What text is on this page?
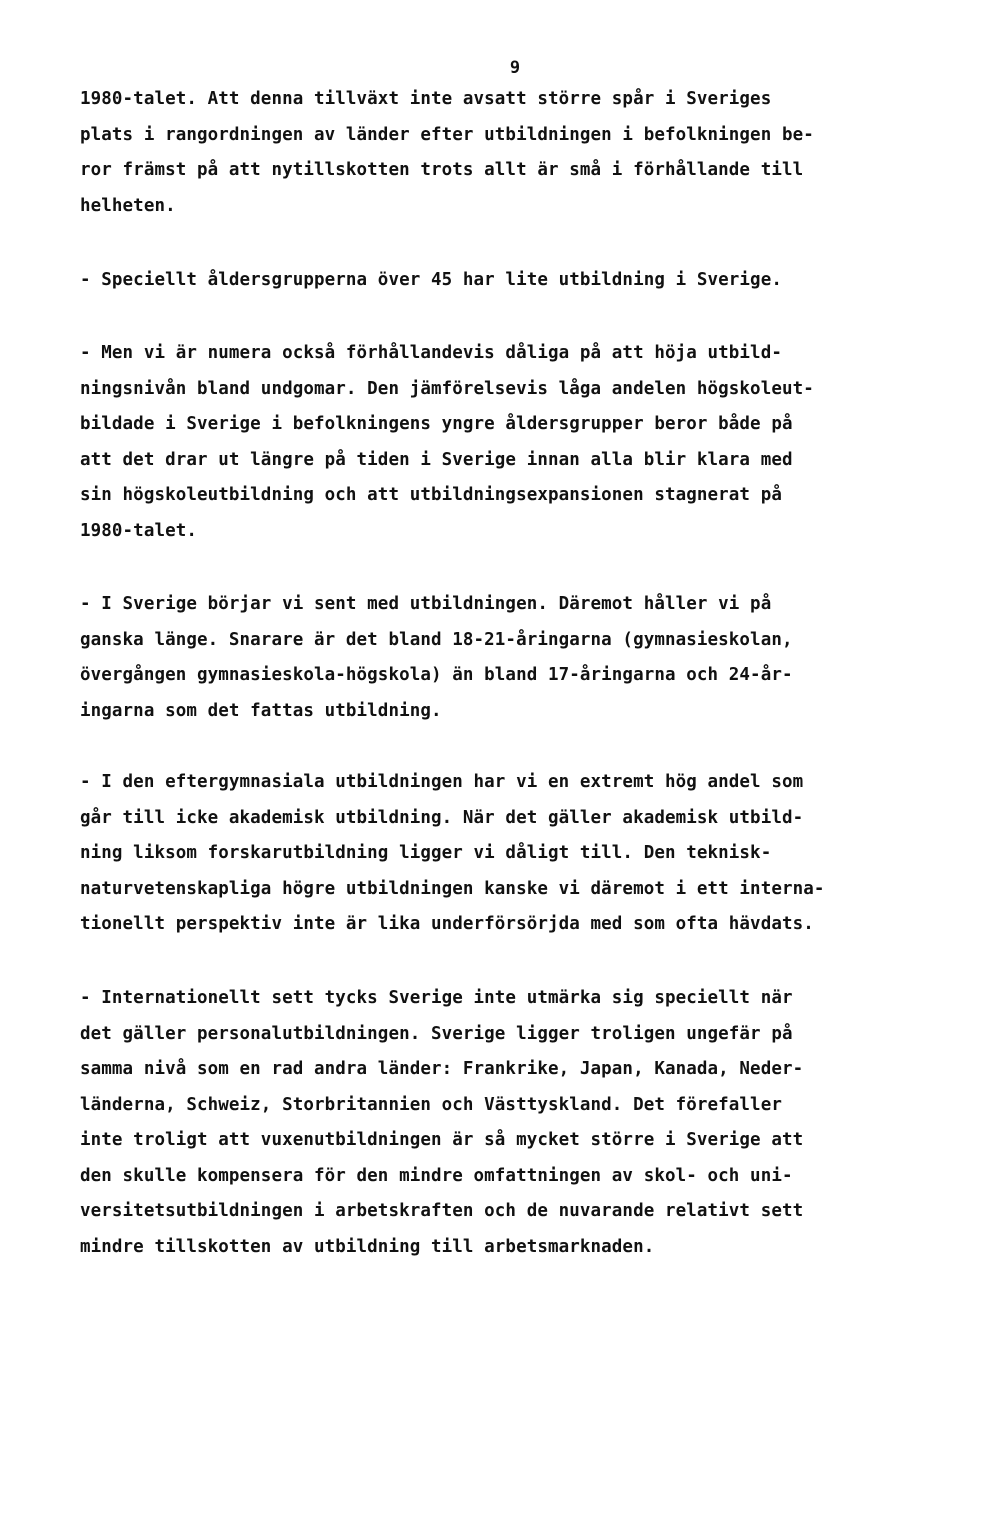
9
1980-talet. Att denna tillväxt inte avsatt större spår i Sveriges
plats i rangordningen av länder efter utbildningen i befolkningen be-
ror främst på att nytillskotten trots allt är små i förhållande till
helheten.
- Speciellt åldersgrupperna över 45 har lite utbildning i Sverige.
- Men vi är numera också förhållandevis dåliga på att höja utbild-
ningsnivån bland undgomar. Den jämförelsevis låga andelen högskoleut-
bildade i Sverige i befolkningens yngre åldersgrupper beror både på
att det drar ut längre på tiden i Sverige innan alla blir klara med
sin högskoleutbildning och att utbildningsexpansionen stagnerat på
1980-talet.
- I Sverige börjar vi sent med utbildningen. Däremot håller vi på
ganska länge. Snarare är det bland 18-21-åringarna (gymnasieskolan,
övergången gymnasieskola-högskola) än bland 17-åringarna och 24-år-
ingarna som det fattas utbildning.
- I den eftergymnasiala utbildningen har vi en extremt hög andel som
går till icke akademisk utbildning. När det gäller akademisk utbild-
ning liksom forskarutbildning ligger vi dåligt till. Den teknisk-
naturvetenskapliga högre utbildningen kanske vi däremot i ett interna-
tionellt perspektiv inte är lika underförsörjda med som ofta hävdats.
- Internationellt sett tycks Sverige inte utmärka sig speciellt när
det gäller personalutbildningen. Sverige ligger troligen ungefär på
samma nivå som en rad andra länder: Frankrike, Japan, Kanada, Neder-
länderna, Schweiz, Storbritannien och Västtyskland. Det förefaller
inte troligt att vuxenutbildningen är så mycket större i Sverige att
den skulle kompensera för den mindre omfattningen av skol- och uni-
versitetsutbildningen i arbetskraften och de nuvarande relativt sett
mindre tillskotten av utbildning till arbetsmarknaden.
